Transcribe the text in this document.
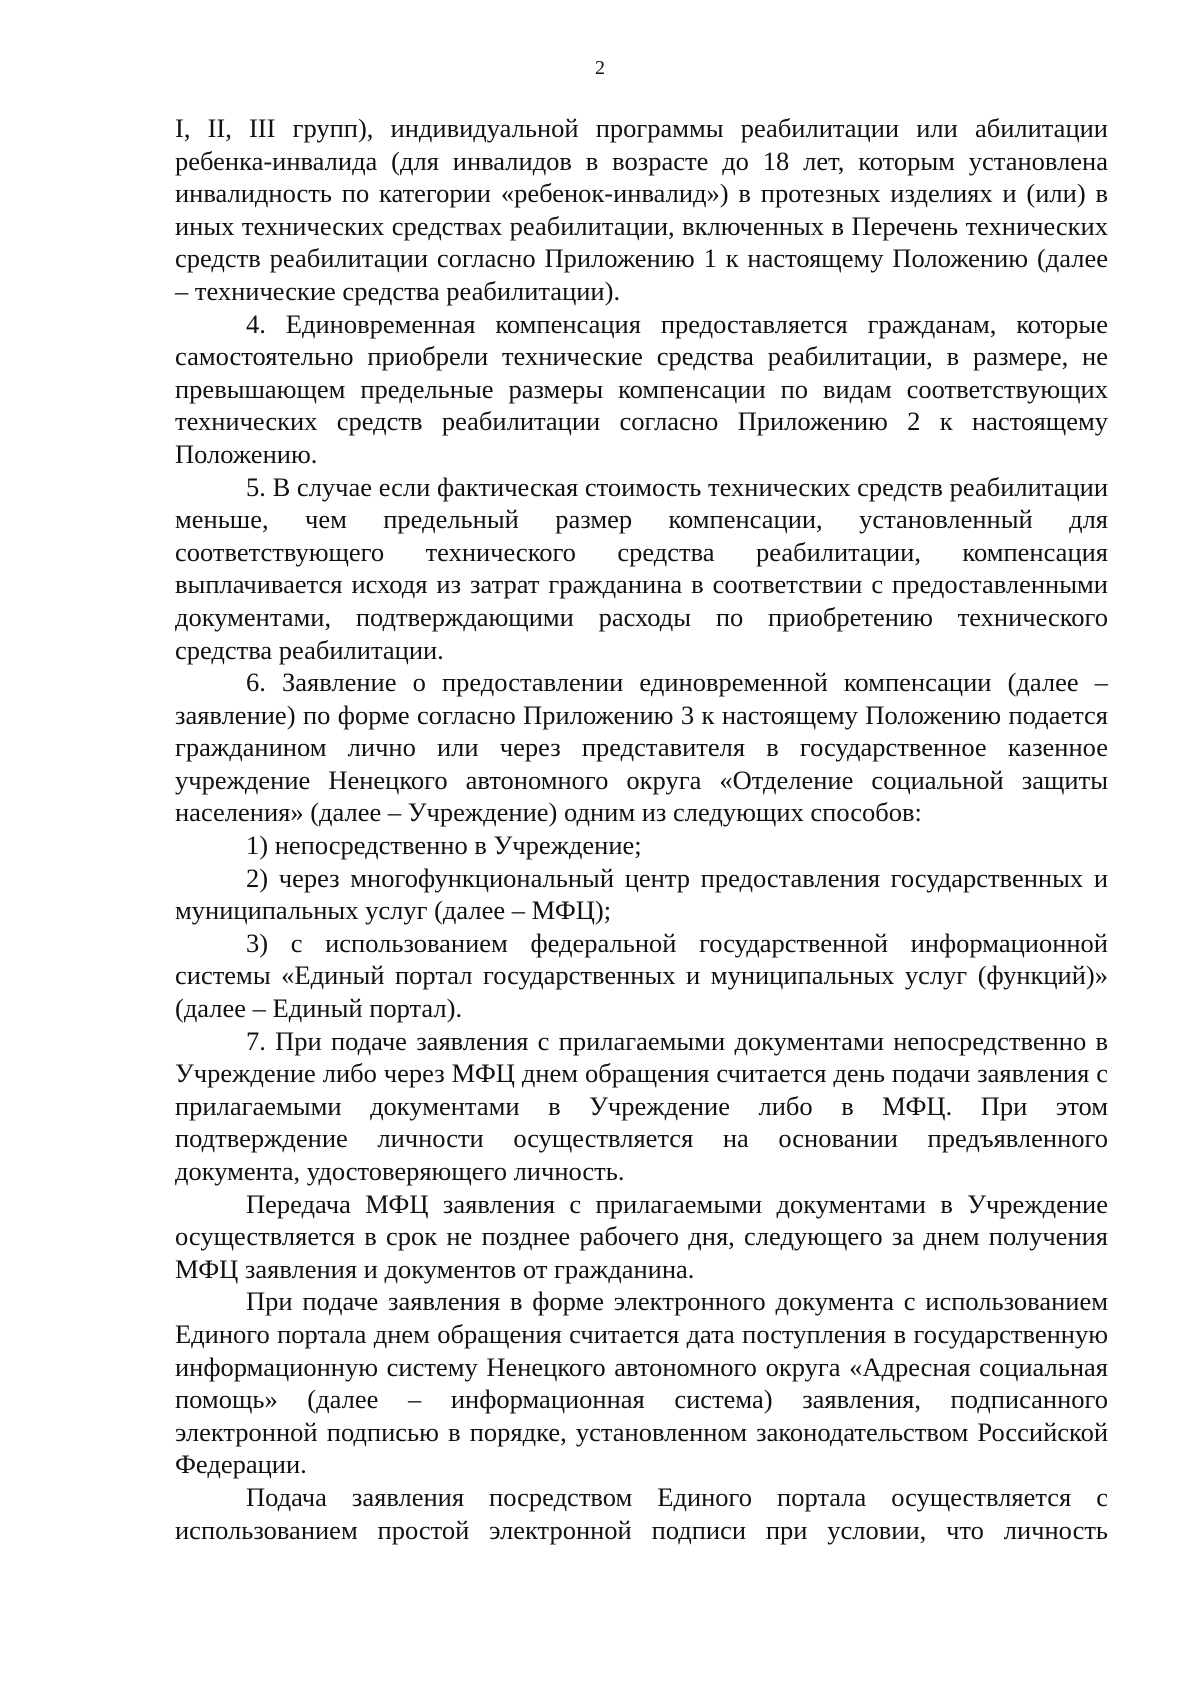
2

I, II, III групп), индивидуальной программы реабилитации или абилитации ребенка-инвалида (для инвалидов в возрасте до 18 лет, которым установлена инвалидность по категории «ребенок-инвалид») в протезных изделиях и (или) в иных технических средствах реабилитации, включенных в Перечень технических средств реабилитации согласно Приложению 1 к настоящему Положению (далее – технические средства реабилитации).

4. Единовременная компенсация предоставляется гражданам, которые самостоятельно приобрели технические средства реабилитации, в размере, не превышающем предельные размеры компенсации по видам соответствующих технических средств реабилитации согласно Приложению 2 к настоящему Положению.

5. В случае если фактическая стоимость технических средств реабилитации меньше, чем предельный размер компенсации, установленный для соответствующего технического средства реабилитации, компенсация выплачивается исходя из затрат гражданина в соответствии с предоставленными документами, подтверждающими расходы по приобретению технического средства реабилитации.

6. Заявление о предоставлении единовременной компенсации (далее – заявление) по форме согласно Приложению 3 к настоящему Положению подается гражданином лично или через представителя в государственное казенное учреждение Ненецкого автономного округа «Отделение социальной защиты населения» (далее – Учреждение) одним из следующих способов:

1) непосредственно в Учреждение;

2) через многофункциональный центр предоставления государственных и муниципальных услуг (далее – МФЦ);

3) с использованием федеральной государственной информационной системы «Единый портал государственных и муниципальных услуг (функций)» (далее – Единый портал).

7. При подаче заявления с прилагаемыми документами непосредственно в Учреждение либо через МФЦ днем обращения считается день подачи заявления с прилагаемыми документами в Учреждение либо в МФЦ. При этом подтверждение личности осуществляется на основании предъявленного документа, удостоверяющего личность.

Передача МФЦ заявления с прилагаемыми документами в Учреждение осуществляется в срок не позднее рабочего дня, следующего за днем получения МФЦ заявления и документов от гражданина.

При подаче заявления в форме электронного документа с использованием Единого портала днем обращения считается дата поступления в государственную информационную систему Ненецкого автономного округа «Адресная социальная помощь» (далее – информационная система) заявления, подписанного электронной подписью в порядке, установленном законодательством Российской Федерации.

Подача заявления посредством Единого портала осуществляется с использованием простой электронной подписи при условии, что личность
